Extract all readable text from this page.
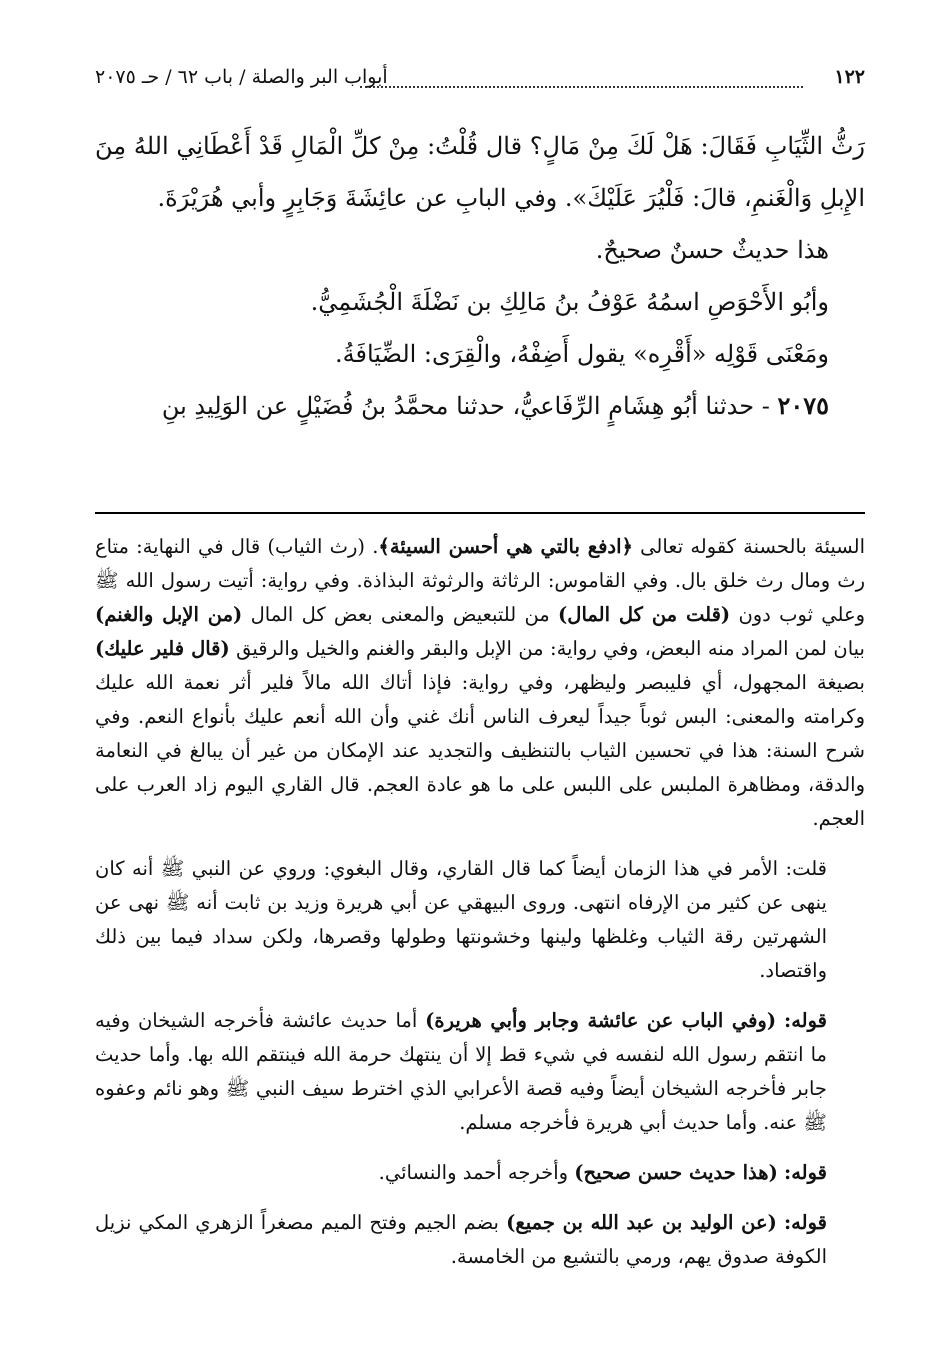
١٢٢
أبواب البر والصلة / باب ٦٢ / حـ ٢٠٧٥

رَثُّ الثِّيَابِ فَقَالَ: هَلْ لَكَ مِنْ مَالٍ؟ قال قُلْتُ: مِنْ كلِّ الْمَالِ قَدْ أَعْطَانِي اللهُ مِنَ الإِبلِ وَالْغَنمِ، قالَ: فَلْيُرَ عَلَيْكَ». وفي البابِ عن عائِشَةَ وَجَابِرٍ وأبي هُرَيْرَةَ.

هذا حديثٌ حسنٌ صحيحٌ.

وأبُو الأَحْوَصِ اسمُهُ عَوْفُ بنُ مَالِكِ بن نَضْلَةَ الْجُشَمِيُّ.

ومَعْنَى قَوْلِه «أَقْرِه» يقول أَضِفْهُ، والْقِرَى: الضِّيَافَةُ.

٢٠٧٥ - حدثنا أبُو هِشَامٍ الرِّفَاعيُّ، حدثنا محمَّدُ بنُ فُضَيْلٍ عن الوَلِيدِ بنِ

السيئة بالحسنة كقوله تعالى ﴿ادفع بالتي هي أحسن السيئة﴾. (رث الثياب) قال في النهاية: متاع رث ومال رث خلق بال. وفي القاموس: الرثاثة والرثوثة البذاذة. وفي رواية: أتيت رسول الله ﷺ وعلي ثوب دون (قلت من كل المال) من للتبعيض والمعنى بعض كل المال (من الإبل والغنم) بيان لمن المراد منه البعض، وفي رواية: من الإبل والبقر والغنم والخيل والرقيق (قال فلير عليك) بصيغة المجهول، أي فليبصر وليظهر، وفي رواية: فإذا أتاك الله مالاً فلير أثر نعمة الله عليك وكرامته والمعنى: البس ثوباً جيداً ليعرف الناس أنك غني وأن الله أنعم عليك بأنواع النعم. وفي شرح السنة: هذا في تحسين الثياب بالتنظيف والتجديد عند الإمكان من غير أن يبالغ في النعامة والدقة، ومظاهرة الملبس على اللبس على ما هو عادة العجم. قال القاري اليوم زاد العرب على العجم.

قلت: الأمر في هذا الزمان أيضاً كما قال القاري، وقال البغوي: وروي عن النبي ﷺ أنه كان ينهى عن كثير من الإرفاه انتهى. وروى البيهقي عن أبي هريرة وزيد بن ثابت أنه ﷺ نهى عن الشهرتين رقة الثياب وغلظها ولينها وخشونتها وطولها وقصرها، ولكن سداد فيما بين ذلك واقتصاد.

قوله: (وفي الباب عن عائشة وجابر وأبي هريرة) أما حديث عائشة فأخرجه الشيخان وفيه ما انتقم رسول الله لنفسه في شيء قط إلا أن ينتهك حرمة الله فينتقم الله بها. وأما حديث جابر فأخرجه الشيخان أيضاً وفيه قصة الأعرابي الذي اخترط سيف النبي ﷺ وهو نائم وعفوه ﷺ عنه. وأما حديث أبي هريرة فأخرجه مسلم.

قوله: (هذا حديث حسن صحيح) وأخرجه أحمد والنسائي.

قوله: (عن الوليد بن عبد الله بن جميع) بضم الجيم وفتح الميم مصغراً الزهري المكي نزيل الكوفة صدوق يهم، ورمي بالتشيع من الخامسة.
